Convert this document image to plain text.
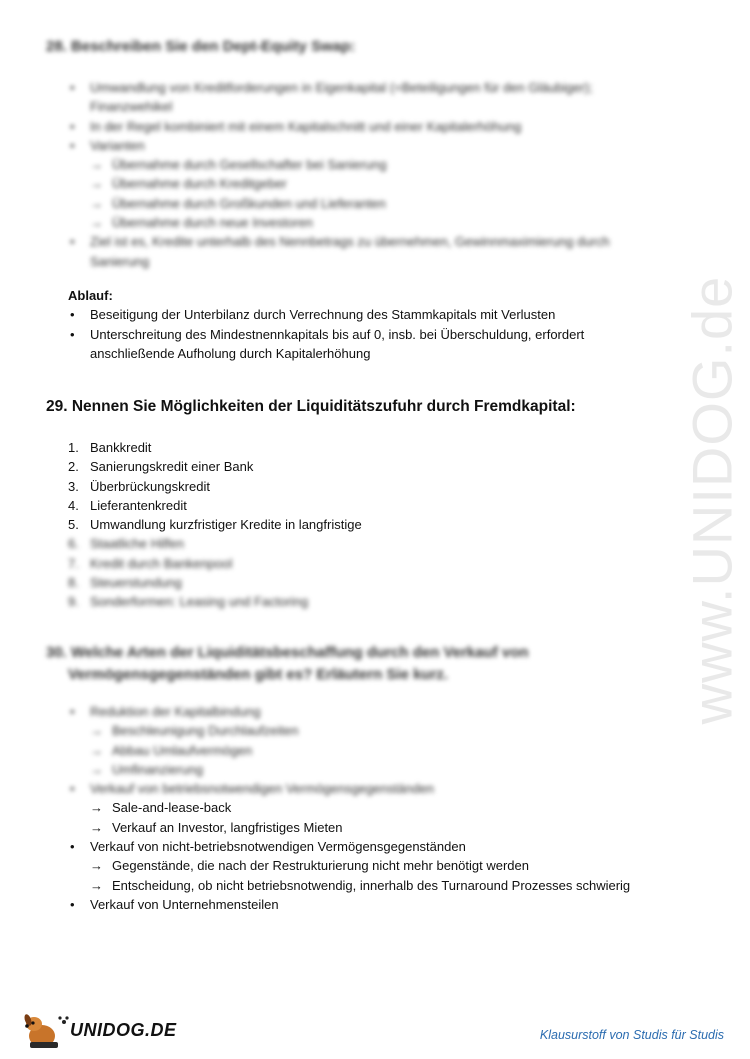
www.UNIDOG.de
28. Beschreiben Sie den Dept-Equity Swap:
• Umwandlung von Kreditforderungen in Eigenkapital (=Beteiligungen für den Gläubiger);
Finanzwehikel
• In der Regel kombiniert mit einem Kapitalschnitt und einer Kapitalerhöhung
• Varianten
→ Übernahme durch Gesellschafter bei Sanierung
→ Übernahme durch Kreditgeber
→ Übernahme durch Großkunden und Lieferanten
→ Übernahme durch neue Investoren
• Ziel ist es, Kredite unterhalb des Nennbetrags zu übernehmen, Gewinnmaximierung durch
Sanierung
Ablauf:
• Beseitigung der Unterbilanz durch Verrechnung des Stammkapitals mit Verlusten
• Unterschreitung des Mindestnennkapitals bis auf 0, insb. bei Überschuldung, erfordert
anschließende Aufholung durch Kapitalerhöhung
29. Nennen Sie Möglichkeiten der Liquiditätszufuhr durch Fremdkapital:
1. Bankkredit
2. Sanierungskredit einer Bank
3. Überbrückungskredit
4. Lieferantenkredit
5. Umwandlung kurzfristiger Kredite in langfristige
6. Staatliche Hilfen
7. Kredit durch Bankenpool
8. Steuerstundung
9. Sonderformen: Leasing und Factoring
30. Welche Arten der Liquiditätsbeschaffung durch den Verkauf von
Vermögensgegenständen gibt es? Erläutern Sie kurz.
• Reduktion der Kapitalbindung
→ Beschleunigung Durchlaufzeiten
→ Abbau Umlaufvermögen
→ Umfinanzierung
• Verkauf von betriebsnotwendigen Vermögensgegenständen
→ Sale-and-lease-back
→ Verkauf an Investor, langfristiges Mieten
• Verkauf von nicht-betriebsnotwendigen Vermögensgegenständen
→ Gegenstände, die nach der Restrukturierung nicht mehr benötigt werden
→ Entscheidung, ob nicht betriebsnotwendig, innerhalb des Turnaround Prozesses schwierig
• Verkauf von Unternehmensteilen
UNIDOG.DE	Klausurstoff von Studis für Studis
